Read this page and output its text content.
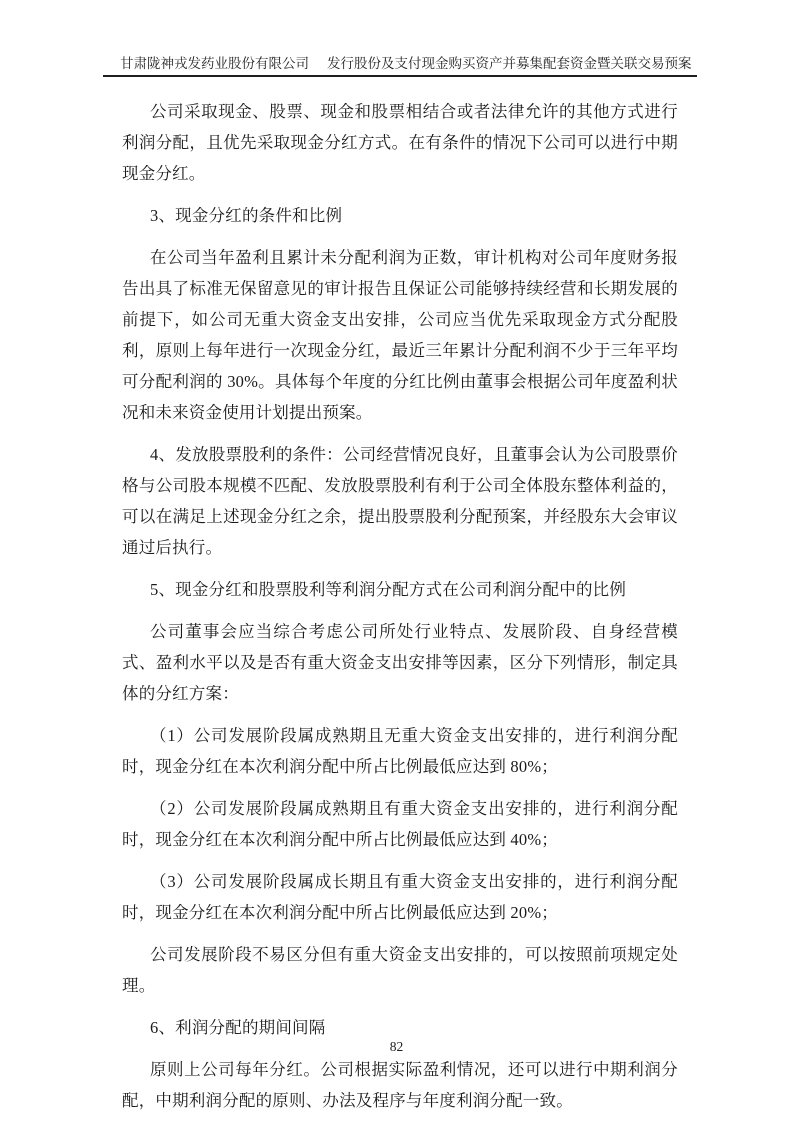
甘肃陇神戎发药业股份有限公司 发行股份及支付现金购买资产并募集配套资金暨关联交易预案

公司采取现金、股票、现金和股票相结合或者法律允许的其他方式进行利润分配，且优先采取现金分红方式。在有条件的情况下公司可以进行中期现金分红。

3、现金分红的条件和比例

在公司当年盈利且累计未分配利润为正数，审计机构对公司年度财务报告出具了标准无保留意见的审计报告且保证公司能够持续经营和长期发展的前提下，如公司无重大资金支出安排，公司应当优先采取现金方式分配股利，原则上每年进行一次现金分红，最近三年累计分配利润不少于三年平均可分配利润的 30%。具体每个年度的分红比例由董事会根据公司年度盈利状况和未来资金使用计划提出预案。

4、发放股票股利的条件：公司经营情况良好，且董事会认为公司股票价格与公司股本规模不匹配、发放股票股利有利于公司全体股东整体利益的，可以在满足上述现金分红之余，提出股票股利分配预案，并经股东大会审议通过后执行。

5、现金分红和股票股利等利润分配方式在公司利润分配中的比例

公司董事会应当综合考虑公司所处行业特点、发展阶段、自身经营模式、盈利水平以及是否有重大资金支出安排等因素，区分下列情形，制定具体的分红方案：

（1）公司发展阶段属成熟期且无重大资金支出安排的，进行利润分配时，现金分红在本次利润分配中所占比例最低应达到 80%；

（2）公司发展阶段属成熟期且有重大资金支出安排的，进行利润分配时，现金分红在本次利润分配中所占比例最低应达到 40%；

（3）公司发展阶段属成长期且有重大资金支出安排的，进行利润分配时，现金分红在本次利润分配中所占比例最低应达到 20%；

公司发展阶段不易区分但有重大资金支出安排的，可以按照前项规定处理。

6、利润分配的期间间隔

原则上公司每年分红。公司根据实际盈利情况，还可以进行中期利润分配，中期利润分配的原则、办法及程序与年度利润分配一致。

82
